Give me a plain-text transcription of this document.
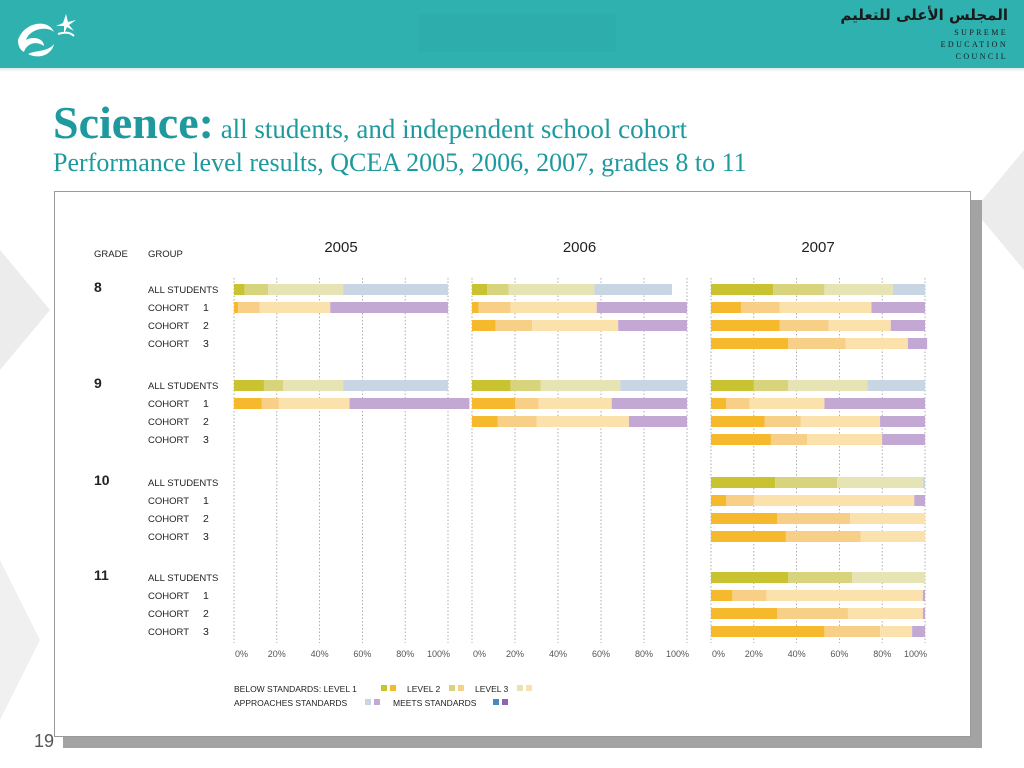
المجلس الأعلى للتعليم
SUPREME
EDUCATION
COUNCIL
Science: all students, and independent school cohort
Performance level results, QCEA 2005, 2006, 2007, grades 8 to 11
GRADE GROUP	2005
0% 20%	40%	60%	80% 100%
2006
0% 20%	40%	60%	80% 100%
2007
0% 20%	40%	60%	80% 100%
8	ALL STUDENTS
COHORT 1
COHORT 2
COHORT 3
9	ALL STUDENTS
COHORT 1
COHORT 2
COHORT 3
10	ALL STUDENTS
COHORT 1
COHORT 2
COHORT 3
11	ALL STUDENTS
COHORT 1
COHORT 2
COHORT 3
BELOW STANDARDS: LEVEL 1	LEVEL 2	LEVEL 3
APPROACHES STANDARDS	MEETS STANDARDS
19
